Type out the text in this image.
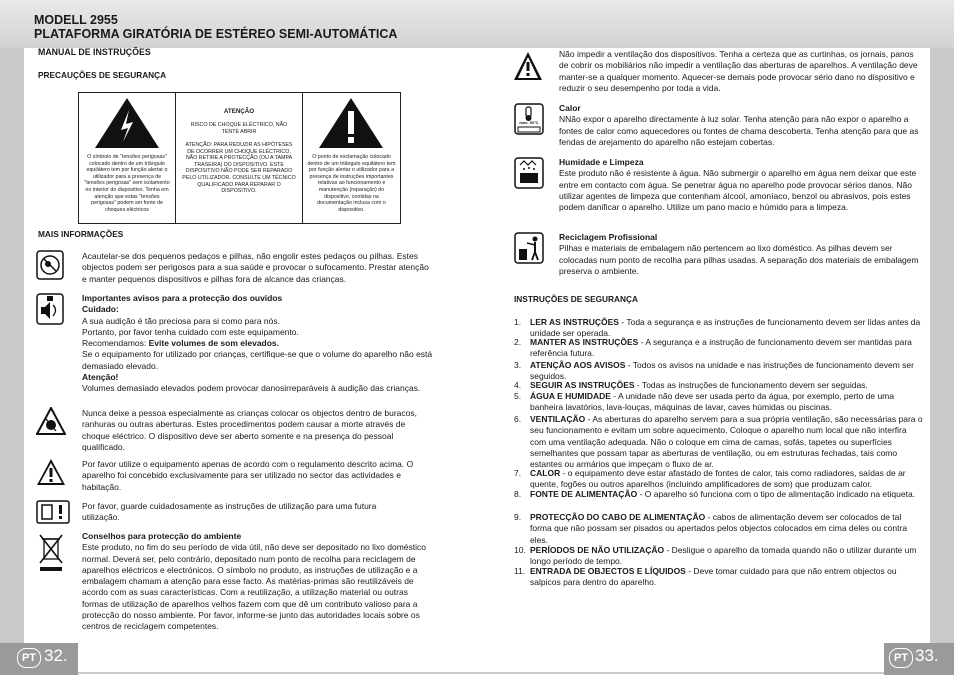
MODELL 2955
PLATAFORMA GIRATÓRIA DE ESTÉREO SEMI-AUTOMÁTICA
PT 32.	PT 33.
MANUAL DE INSTRUÇÕES
PRECAUÇÕES DE SEGURANÇA
O símbolo de "tensões perigosas" colocado dentro de um triângulo equilátero tem por função alertar o utilizador para a presença de "tensões perigosas" sem isolamento no interior do dispositivo. Tenha em atenção que estas "tensões perigosas" podem ser fonte de choques eléctricos
ATENÇÃO
RISCO DE CHOQUE ELÉCTRICO, NÃO TENTE ABRIR
ATENÇÃO: PARA REDUZIR AS HIPÓTESES DE OCORRER UM CHOQUE ELÉCTRICO, NÃO RETIRE A PROTECÇÃO (OU A TAMPA TRASEIRA) DO DISPOSITIVO. ESTE DISPOSITIVO NÃO PODE SER REPARADO PELO UTILIZADOR. CONSULTE UM TÉCNICO QUALIFICADO PARA REPARAR O DISPOSITIVO.
O ponto de exclamação colocado dentro de um triângulo equilátero tem por função alertar o utilizador para a presença de instruções importantes relativas ao funcionamento e manutenção (reparação) do dispositivo, contidas na documentação inclusa com o dispositivo.
MAIS INFORMAÇÕES
Acautelar-se dos pequenos pedaços e pilhas, não engolir estes pedaços ou pilhas. Estes objectos podem ser perigosos para a sua saúde e provocar o sufocamento. Prestar atenção e manter pequenos dispositivos e pilhas fora de alcance das crianças.
Importantes avisos para a protecção dos ouvidos
Cuidado:
A sua audição é tão preciosa para si como para nós.
Portanto, por favor tenha cuidado com este equipamento.
Recomendamos: Evite volumes de som elevados.
Se o equipamento for utilizado por crianças, certifique-se que o volume do aparelho não está demasiado elevado.
Atenção!
Volumes demasiado elevados podem provocar danosirreparáveis à audição das crianças.
Nunca deixe a pessoa especialmente as crianças colocar os objectos dentro de buracos, ranhuras ou outras aberturas. Estes procedimentos podem causar a morte através de choque eléctrico. O dispositivo deve ser aberto somente e na presença do pessoal qualificado.
Por favor utilize o equipamento apenas de acordo com o regulamento descrito acima. O aparelho foi concebido exclusivamente para ser utilizado no sector das actividades e habitação.
Por favor, guarde cuidadosamente as instruções de utilização para uma futura utilização.
Conselhos para protecção do ambiente
Este produto, no fim do seu período de vida útil, não deve ser depositado no lixo doméstico normal. Deverá ser, pelo contrário, depositado num ponto de recolha para reciclagem de aparelhos eléctricos e electrónicos. O símbolo no produto, as instruções de utilização e a embalagem chamam a atenção para esse facto. As matérias-primas são reutilizáveis de acordo com as suas características. Com a reutilização, a utilização material ou outras formas de utilização de aparelhos velhos fazem com que dê um contributo valioso para a protecção do nosso ambiente. Por favor, informe-se junto das autoridades locais sobre os centros de reciclagem competentes.
Não impedir a ventilação dos dispositivos. Tenha a certeza que as curtinhas, os jornais, panos de cobrir os mobiliários não impedir a ventilação das aberturas de aparelhos. A ventilação deve manter-se a qualquer momento. Aquecer-se demais pode provocar sério dano no dispositivo e reduzir o seu desempenho por toda a vida.
max. 50°C
Calor
NNão expor o aparelho directamente à luz solar. Tenha atenção para não expor o aparelho a fontes de calor como aquecedores ou fontes de chama descoberta. Tenha atenção para que as fendas de arejamento do aparelho não estejam cobertas.
Humidade e Limpeza
Este produto não é resistente à água. Não submergir o aparelho em água nem deixar que este entre em contacto com água. Se penetrar água no aparelho pode provocar sérios danos. Não utilizar agentes de limpeza que contenham álcool, amoníaco, benzol ou abrasivos, pois estes podem danificar o aparelho. Utilize um pano macio e húmido para a limpeza.
Reciclagem Profissional
Pilhas e materiais de embalagem não pertencem ao lixo doméstico. As pilhas devem ser colocadas num ponto de recolha para pilhas usadas. A separação dos materiais de embalagem preserva o ambiente.
INSTRUÇÕES DE SEGURANÇA
1. LER AS INSTRUÇÕES - Toda a segurança e as instruções de funcionamento devem ser lidas antes da unidade ser operada.
2. MANTER AS INSTRUÇÕES - A segurança e a instrução de funcionamento devem ser mantidas para referência futura.
3. ATENÇÃO AOS AVISOS - Todos os avisos na unidade e nas instruções de funcionamento devem ser seguidos.
4. SEGUIR AS INSTRUÇÕES - Todas as instruções de funcionamento devem ser seguidas.
5. ÁGUA E HUMIDADE - A unidade não deve ser usada perto da água, por exemplo, perto de uma banheira lavatórios, lava-louças, máquinas de lavar, caves húmidas ou piscinas.
6. VENTILAÇÃO - As aberturas do aparelho servem para a sua própria ventilação, são necessárias para o seu funcionamento e evitam um sobre aquecimento. Coloque o aparelho num local que não interfira com uma ventilação adequada. Não o coloque em cima de camas, sofás, tapetes ou superfícies semelhantes que possam tapar as aberturas de ventilação, ou em estruturas fechadas, tais como estantes ou armários que impeçam o fluxo de ar.
7. CALOR - o equipamento deve estar afastado de fontes de calor, tais como radiadores, saídas de ar quente, fogões ou outros aparelhos (incluindo amplificadores de som) que produzam calor.
8. FONTE DE ALIMENTAÇÃO - O aparelho só funciona com o tipo de alimentação indicado na etiqueta.
9. PROTECÇÃO DO CABO DE ALIMENTAÇÃO - cabos de alimentação devem ser colocados de tal forma que não possam ser pisados ou apertados pelos objectos colocados em cima deles ou contra eles.
10. PERÍODOS DE NÃO UTILIZAÇÃO - Desligue o aparelho da tomada quando não o utilizar durante um longo período de tempo.
11. ENTRADA DE OBJECTOS E LÍQUIDOS - Deve tomar cuidado para que não entrem objectos ou salpicos para dentro do aparelho.
